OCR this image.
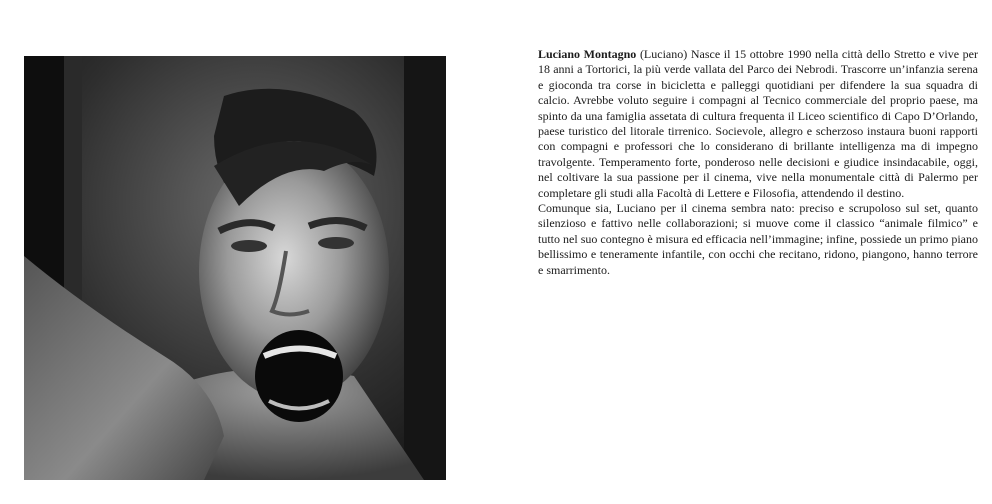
Luciano Montagno (Luciano) Nasce il 15 ottobre 1990 nella città dello Stretto e vive per 18 anni a Tortorici, la più verde vallata del Parco dei Nebrodi. Trascorre un’infanzia serena e gioconda tra corse in bicicletta e palleggi quotidiani per difendere la sua squadra di calcio. Avrebbe voluto seguire i compagni al Tecnico commerciale del proprio paese, ma spinto da una famiglia assetata di cultura frequenta il Liceo scientifico di Capo D’Orlando, paese turistico del litorale tirrenico. Socievole, allegro e scherzoso instaura buoni rapporti con compagni e professori che lo considerano di brillante intelligenza ma di impegno travolgente. Temperamento forte, ponderoso nelle decisioni e giudice insindacabile, oggi, nel coltivare la sua passione per il cinema, vive nella monumentale città di Palermo per completare gli studi alla Facoltà di Lettere e Filosofia, attendendo il destino.

Comunque sia, Luciano per il cinema sembra nato: preciso e scrupoloso sul set, quanto silenzioso e fattivo nelle collaborazioni; si muove come il classico “animale filmico” e tutto nel suo contegno è misura ed efficacia nell’immagine; infine, possiede un primo piano bellissimo e teneramente infantile, con occhi che recitano, ridono, piangono, hanno terrore e smarrimento.
